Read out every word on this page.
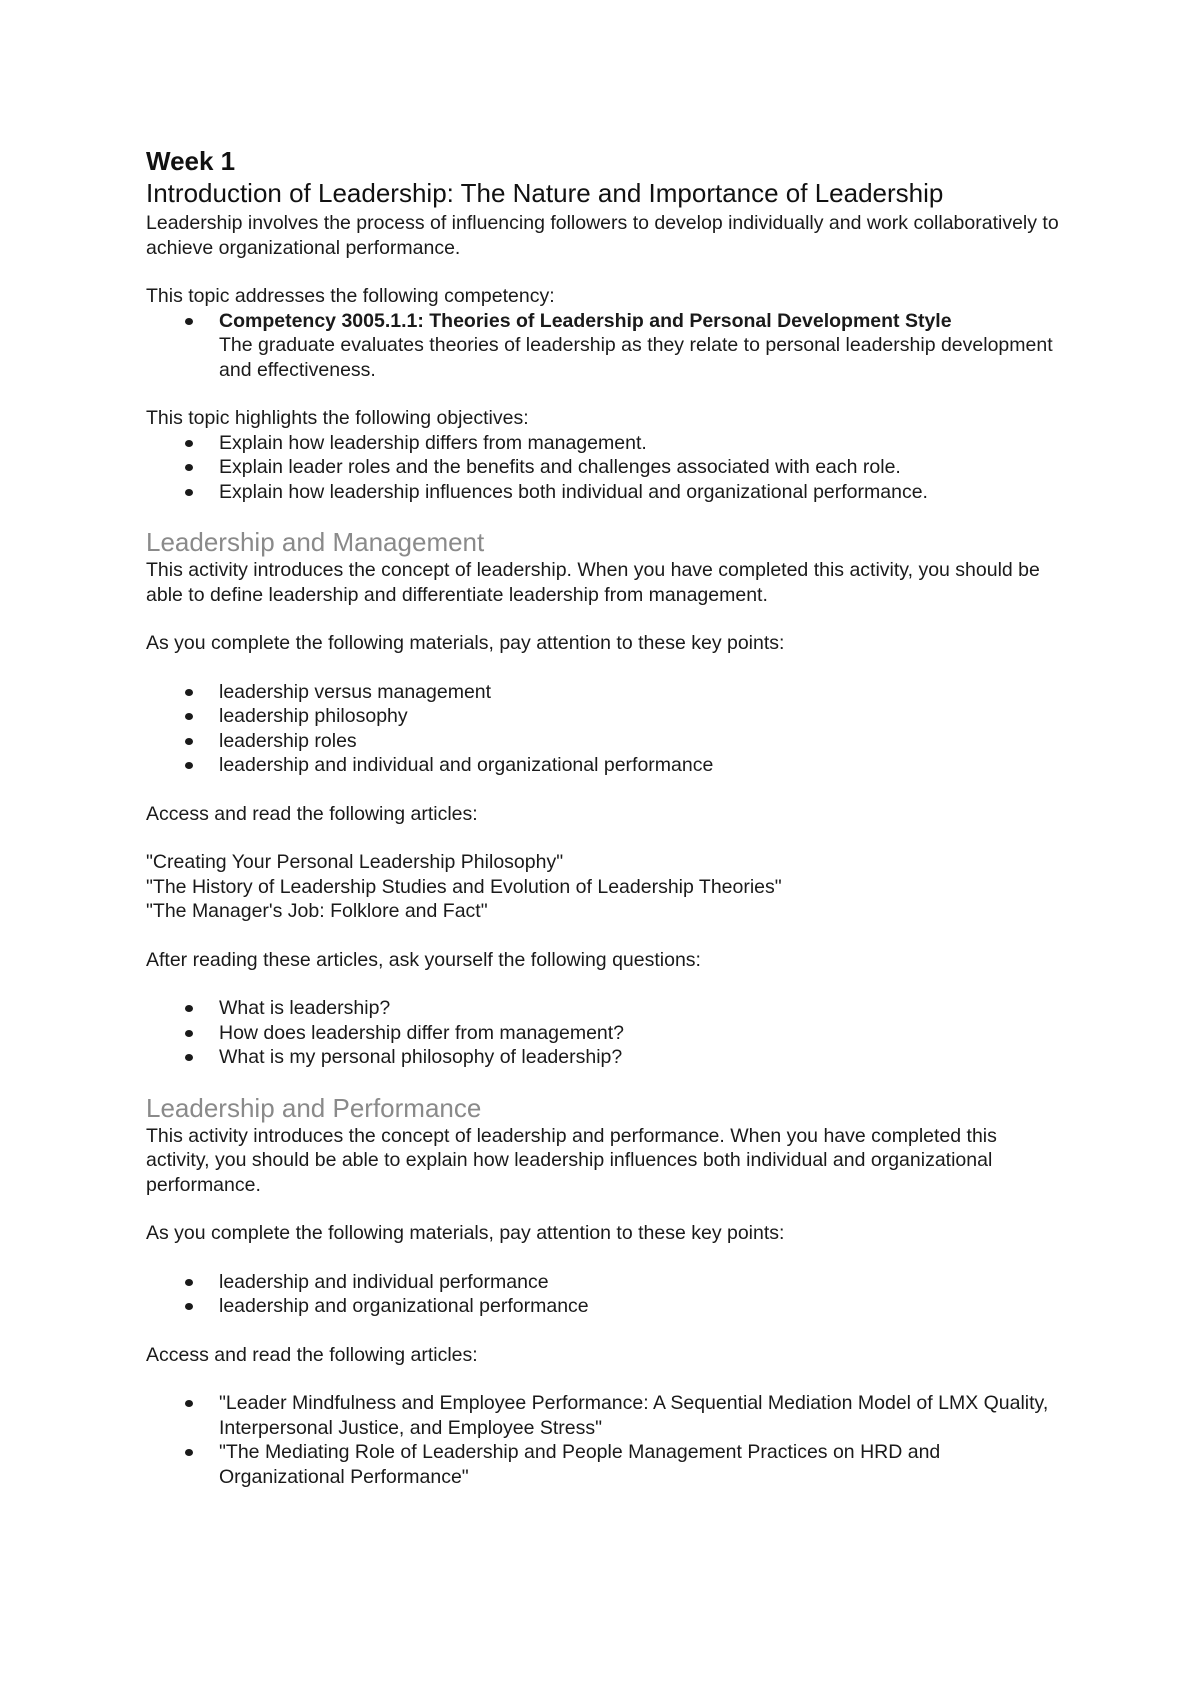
Week 1
Introduction of Leadership: The Nature and Importance of Leadership

Leadership involves the process of influencing followers to develop individually and work collaboratively to achieve organizational performance.

This topic addresses the following competency:

Competency 3005.1.1: Theories of Leadership and Personal Development Style
The graduate evaluates theories of leadership as they relate to personal leadership development and effectiveness.

This topic highlights the following objectives:

Explain how leadership differs from management.
Explain leader roles and the benefits and challenges associated with each role.
Explain how leadership influences both individual and organizational performance.
Leadership and Management

This activity introduces the concept of leadership. When you have completed this activity, you should be able to define leadership and differentiate leadership from management.

As you complete the following materials, pay attention to these key points:

leadership versus management
leadership philosophy
leadership roles
leadership and individual and organizational performance

Access and read the following articles:

"Creating Your Personal Leadership Philosophy"
"The History of Leadership Studies and Evolution of Leadership Theories"
"The Manager's Job: Folklore and Fact"

After reading these articles, ask yourself the following questions:

What is leadership?
How does leadership differ from management?
What is my personal philosophy of leadership?
Leadership and Performance

This activity introduces the concept of leadership and performance. When you have completed this activity, you should be able to explain how leadership influences both individual and organizational performance.

As you complete the following materials, pay attention to these key points:

leadership and individual performance
leadership and organizational performance

Access and read the following articles:

"Leader Mindfulness and Employee Performance: A Sequential Mediation Model of LMX Quality, Interpersonal Justice, and Employee Stress"
"The Mediating Role of Leadership and People Management Practices on HRD and Organizational Performance"
